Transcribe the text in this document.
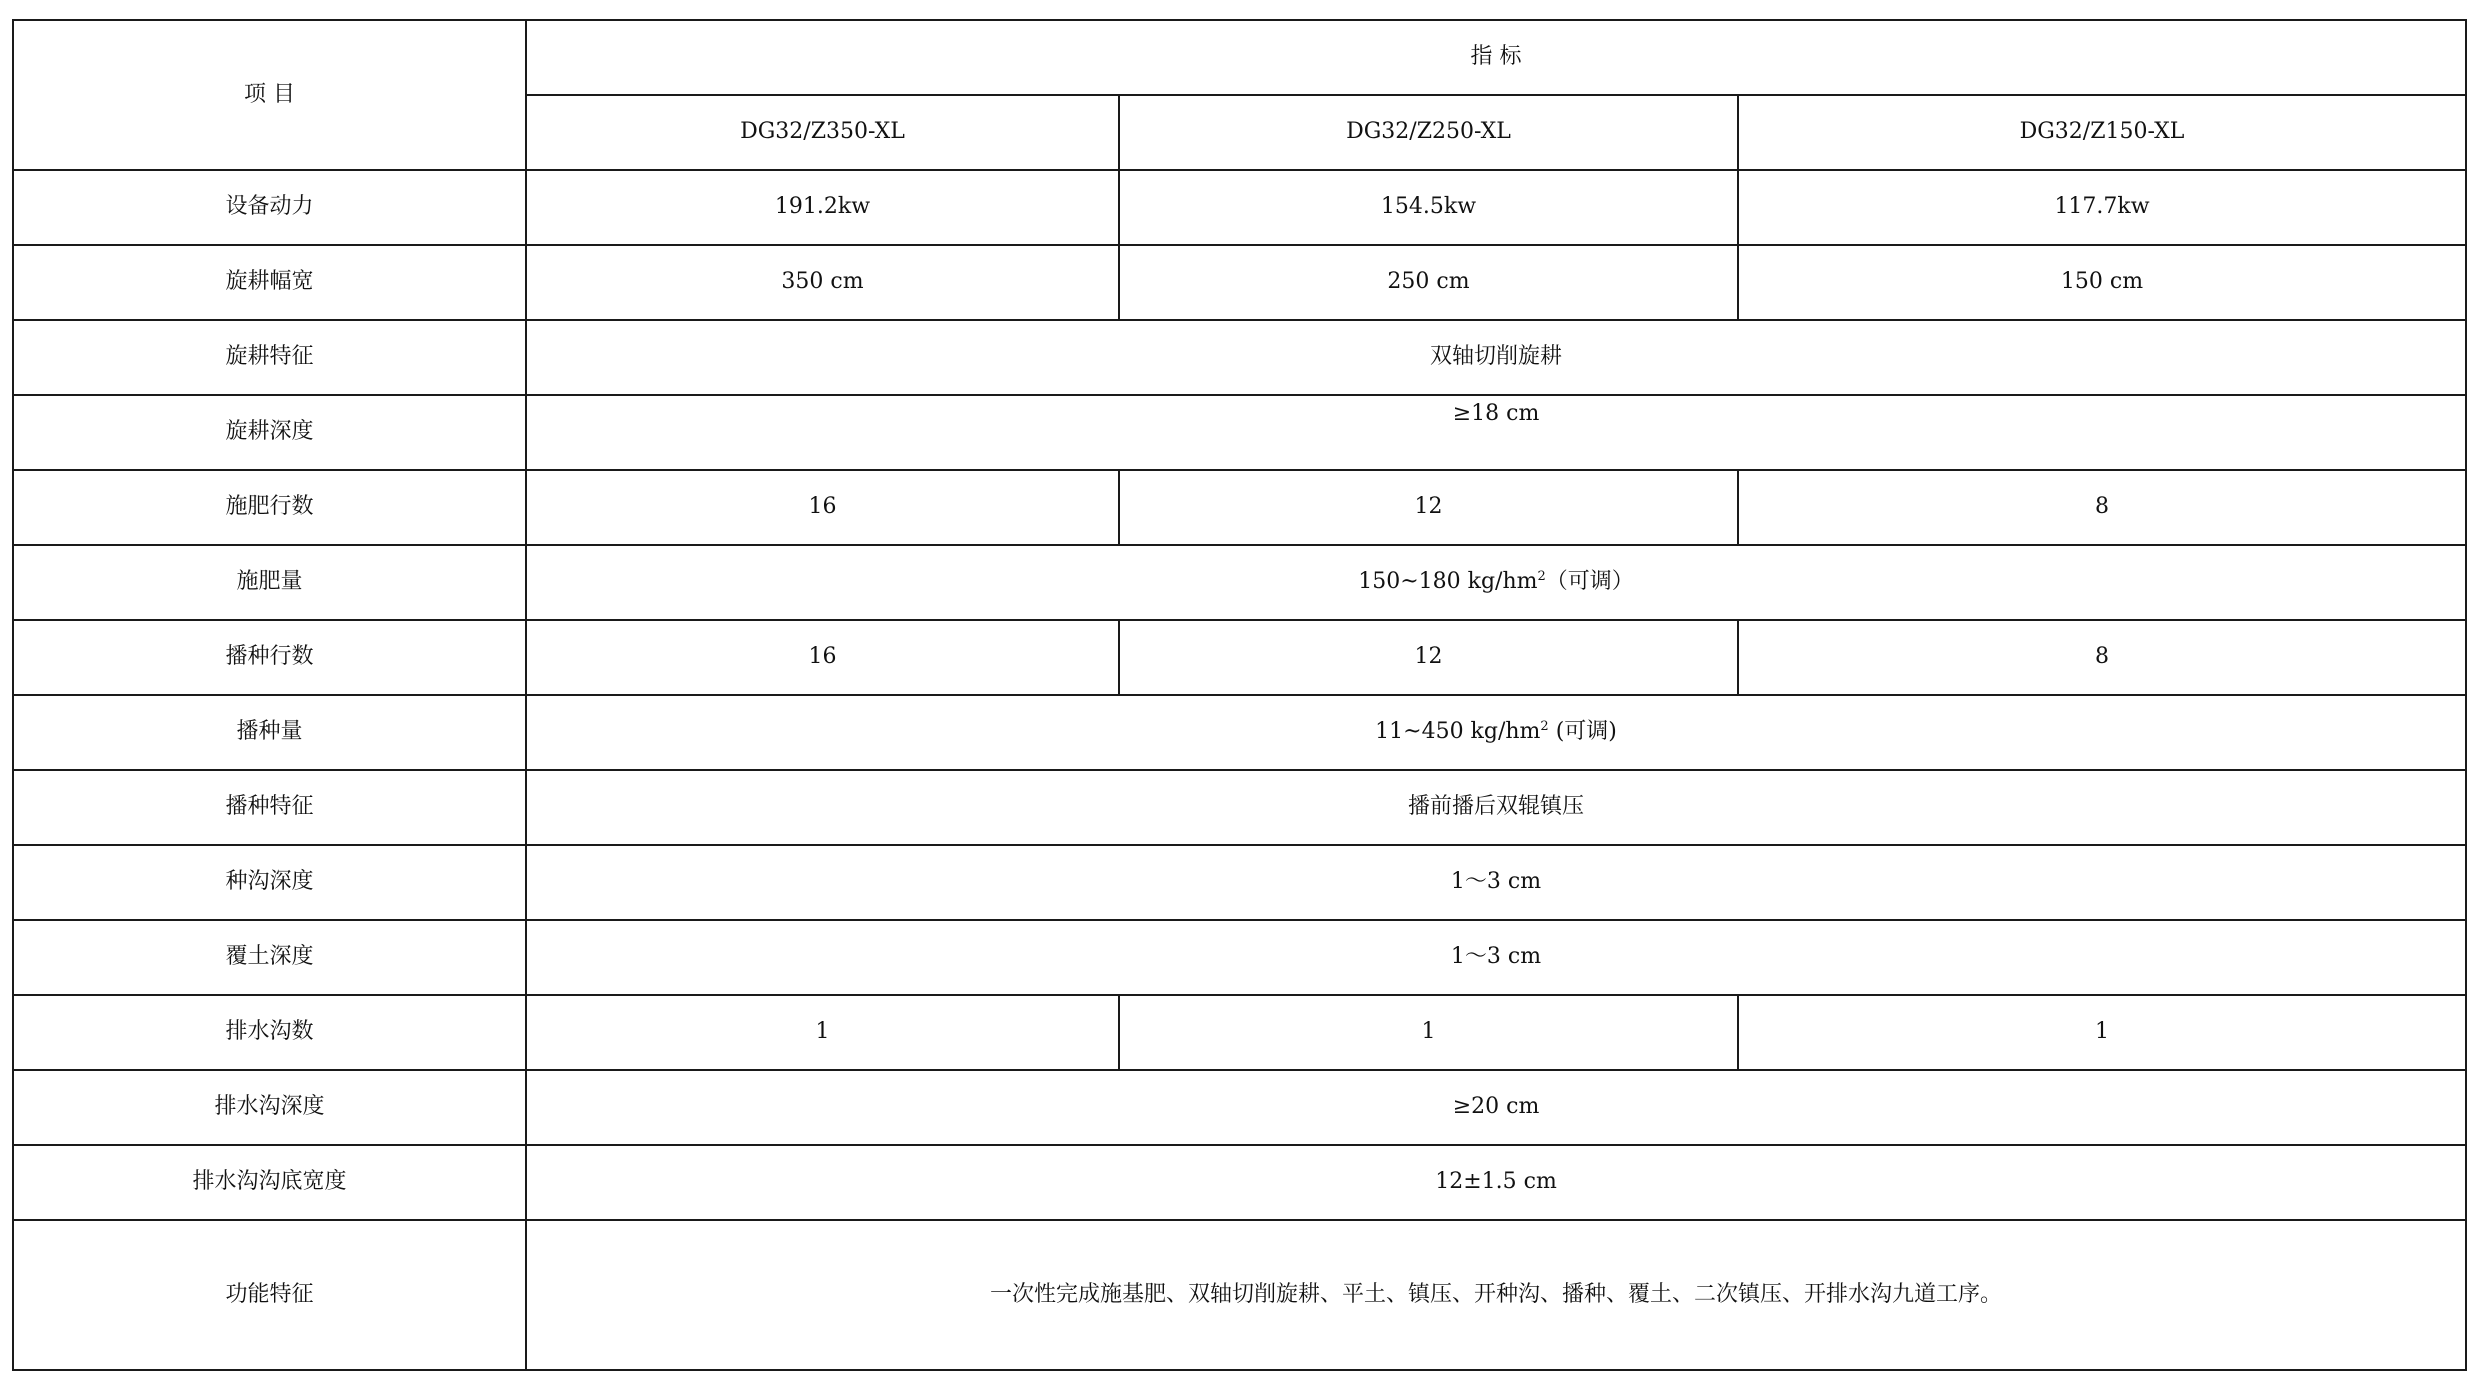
项 目	指 标		
	DG32/Z350-XL	DG32/Z250-XL	DG32/Z150-XL
设备动力	191.2kw	154.5kw	117.7kw
旋耕幅宽	350 cm	250 cm	150 cm
旋耕特征	双轴切削旋耕		
旋耕深度	≥18 cm		
施肥行数	16	12	8
施肥量	150~180 $kg/hm^2$（可调）		
播种行数	16	12	8
播种量	11~450 $kg/hm^2$ (可调)		
播种特征	播前播后双辊镇压		
种沟深度	1～3 cm		
覆土深度	1～3 cm		
排水沟数	1	1	1
排水沟深度	≥20 cm		
排水沟沟底宽度	12±1.5 cm		
功能特征	一次性完成施基肥、双轴切削旋耕、平土、镇压、开种沟、播种、覆土、二次镇压、开排水沟九道工序。		
